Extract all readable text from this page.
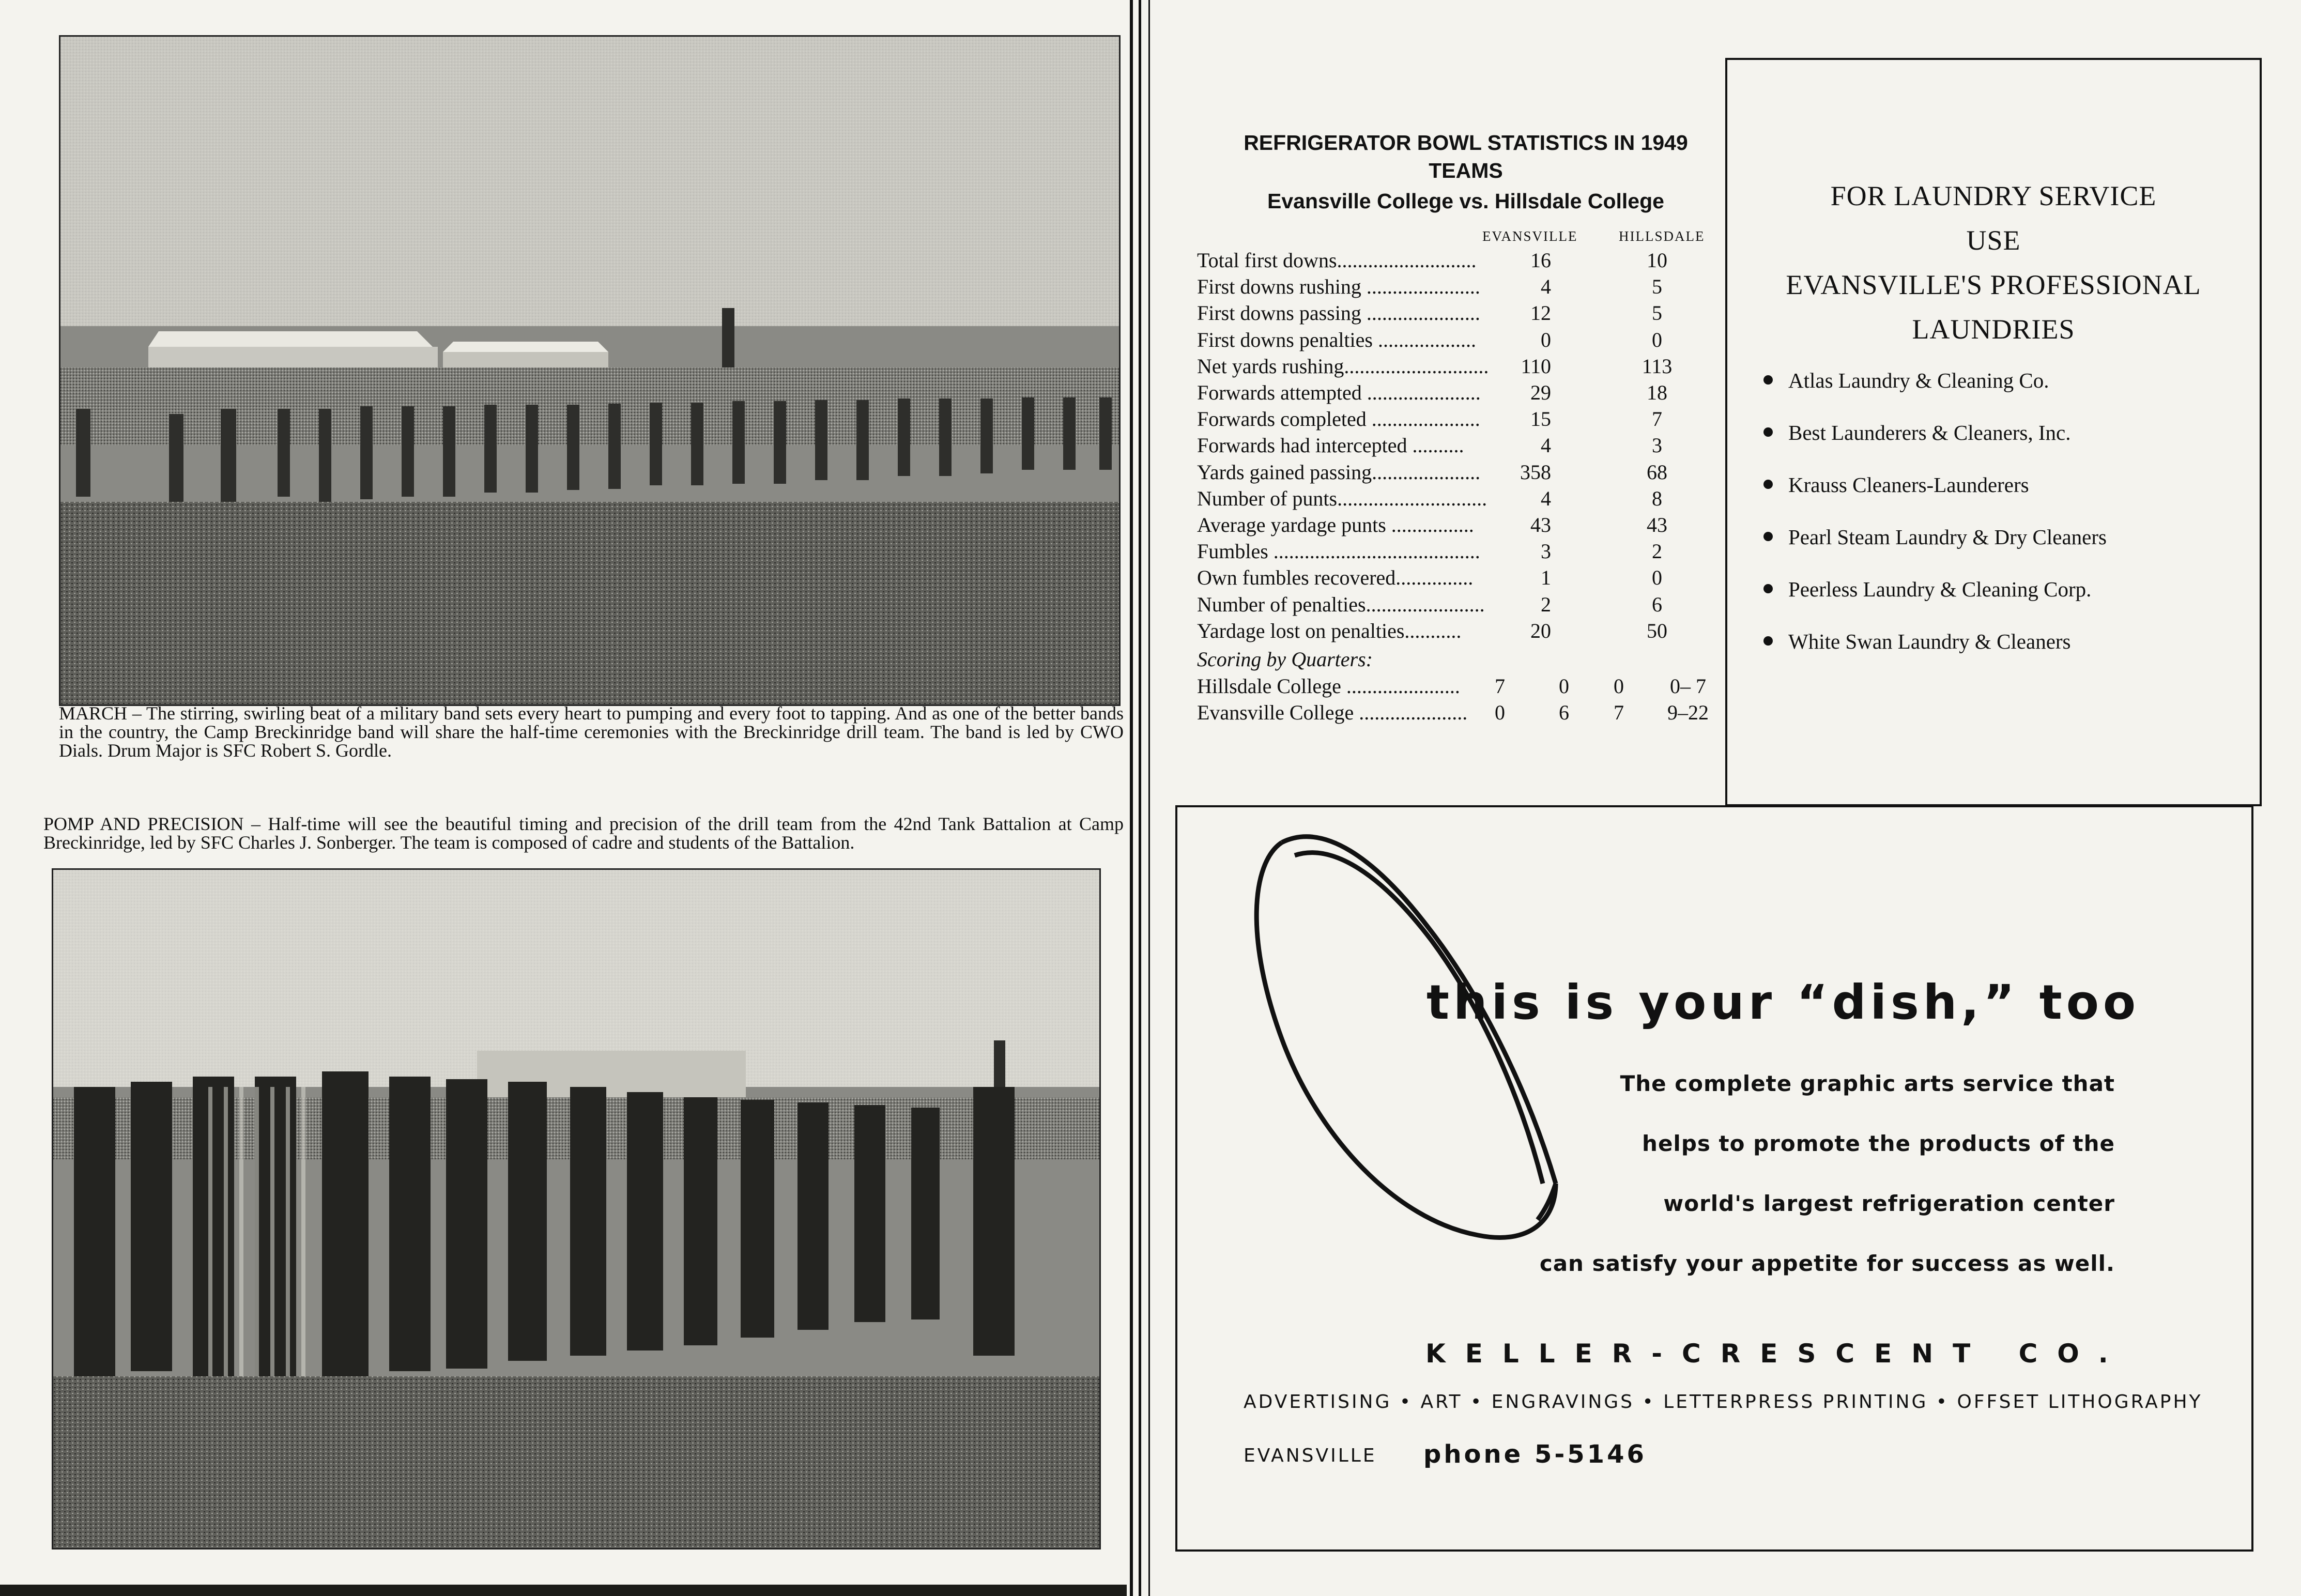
MARCH – The stirring, swirling beat of a military band sets every heart to pumping and every foot to tapping. And as one of the better bands in the country, the Camp Breckinridge band will share the half-time ceremonies with the Breckinridge drill team. The band is led by CWO Dials. Drum Major is SFC Robert S. Gordle.
POMP AND PRECISION – Half-time will see the beautiful timing and precision of the drill team from the 42nd Tank Battalion at Camp Breckinridge, led by SFC Charles J. Sonberger. The team is composed of cadre and students of the Battalion.
REFRIGERATOR BOWL STATISTICS IN 1949
TEAMS
Evansville College vs. Hillsdale College
EVANSVILLE	HILLSDALE
Total first downs...........................	16	10
First downs rushing ......................	4	5
First downs passing ......................	12	5
First downs penalties ...................	0	0
Net yards rushing............................	110	113
Forwards attempted ......................	29	18
Forwards completed .....................	15	7
Forwards had intercepted ..........	4	3
Yards gained passing.....................	358	68
Number of punts.............................	4	8
Average yardage punts ................	43	43
Fumbles ........................................	3	2
Own fumbles recovered...............	1	0
Number of penalties.......................	2	6
Yardage lost on penalties...........	20	50
Scoring by Quarters:
Hillsdale College ......................	7	0	0	0– 7
Evansville College .....................	0	6	7	9–22
FOR LAUNDRY SERVICE
USE
EVANSVILLE'S PROFESSIONAL
LAUNDRIES
Atlas Laundry & Cleaning Co.
Best Launderers & Cleaners, Inc.
Krauss Cleaners-Launderers
Pearl Steam Laundry & Dry Cleaners
Peerless Laundry & Cleaning Corp.
White Swan Laundry & Cleaners
this is your “dish,” too
The complete graphic arts service that
helps to promote the products of the
world's largest refrigeration center
can satisfy your appetite for success as well.
KELLER-CRESCENT CO.
ADVERTISING • ART • ENGRAVINGS • LETTERPRESS PRINTING • OFFSET LITHOGRAPHY
EVANSVILLE phone 5-5146
